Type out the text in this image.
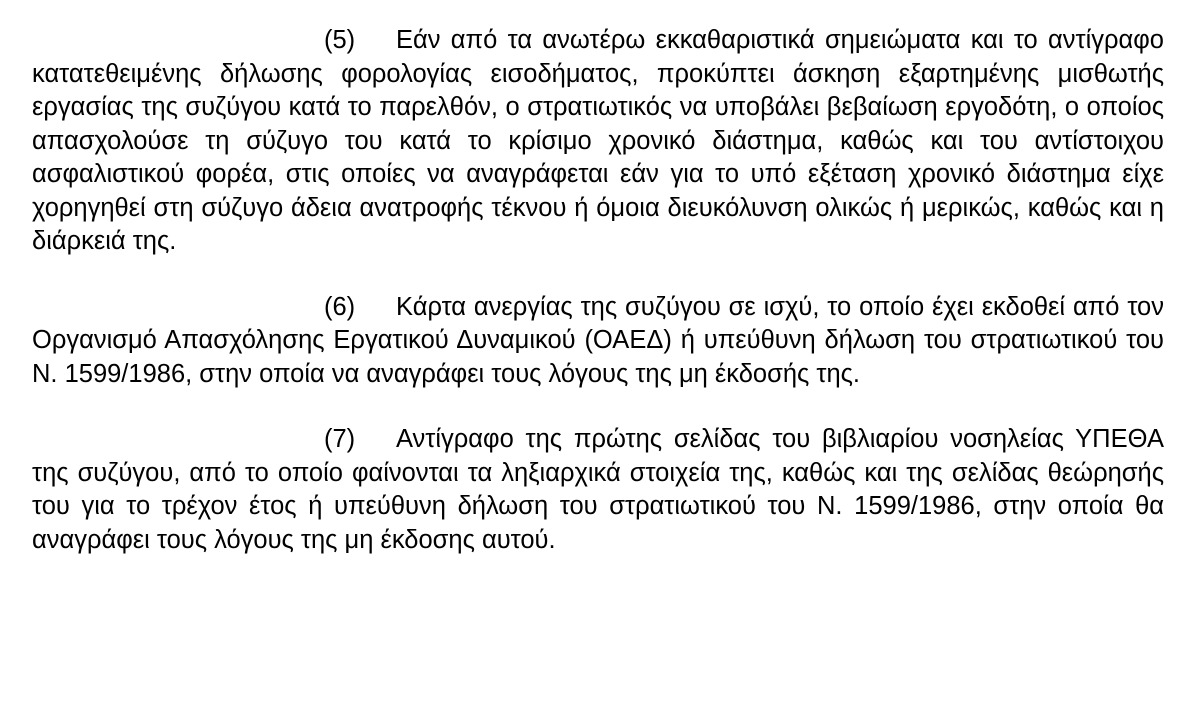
(5) Εάν από τα ανωτέρω εκκαθαριστικά σημειώματα και το αντίγραφο κατατεθειμένης δήλωσης φορολογίας εισοδήματος, προκύπτει άσκηση εξαρτημένης μισθωτής εργασίας της συζύγου κατά το παρελθόν, ο στρατιωτικός να υποβάλει βεβαίωση εργοδότη, ο οποίος απασχολούσε τη σύζυγο του κατά το κρίσιμο χρονικό διάστημα, καθώς και του αντίστοιχου ασφαλιστικού φορέα, στις οποίες να αναγράφεται εάν για το υπό εξέταση χρονικό διάστημα είχε χορηγηθεί στη σύζυγο άδεια ανατροφής τέκνου ή όμοια διευκόλυνση ολικώς ή μερικώς, καθώς και η διάρκειά της.

(6) Κάρτα ανεργίας της συζύγου σε ισχύ, το οποίο έχει εκδοθεί από τον Οργανισμό Απασχόλησης Εργατικού Δυναμικού (ΟΑΕΔ) ή υπεύθυνη δήλωση του στρατιωτικού του Ν. 1599/1986, στην οποία να αναγράφει τους λόγους της μη έκδοσής της.

(7) Αντίγραφο της πρώτης σελίδας του βιβλιαρίου νοσηλείας ΥΠΕΘΑ της συζύγου, από το οποίο φαίνονται τα ληξιαρχικά στοιχεία της, καθώς και της σελίδας θεώρησής του για το τρέχον έτος ή υπεύθυνη δήλωση του στρατιωτικού του Ν. 1599/1986, στην οποία θα αναγράφει τους λόγους της μη έκδοσης αυτού.
